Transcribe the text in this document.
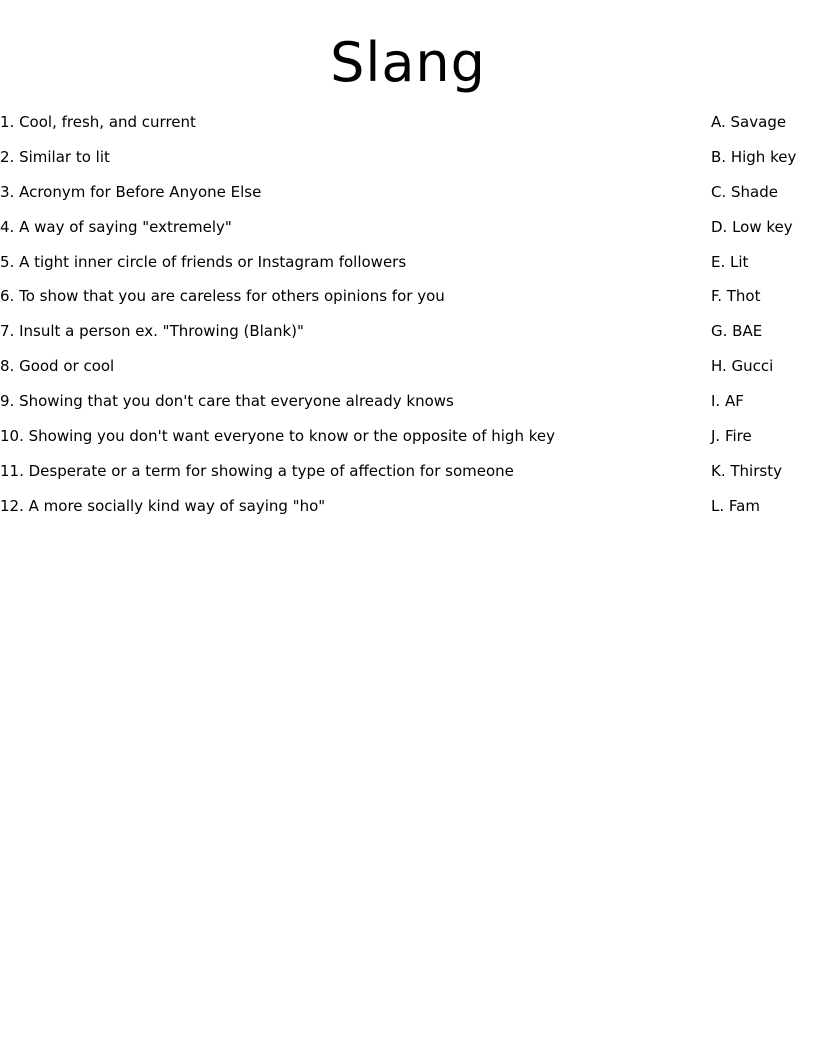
Slang
1. Cool, fresh, and current
2. Similar to lit
3. Acronym for Before Anyone Else
4. A way of saying "extremely"
5. A tight inner circle of friends or Instagram followers
6. To show that you are careless for others opinions for you
7. Insult a person ex. "Throwing (Blank)"
8. Good or cool
9. Showing that you don't care that everyone already knows
10. Showing you don't want everyone to know or the opposite of high key
11. Desperate or a term for showing a type of affection for someone
12. A more socially kind way of saying "ho"
A. Savage
B. High key
C. Shade
D. Low key
E. Lit
F. Thot
G. BAE
H. Gucci
I. AF
J. Fire
K. Thirsty
L. Fam
